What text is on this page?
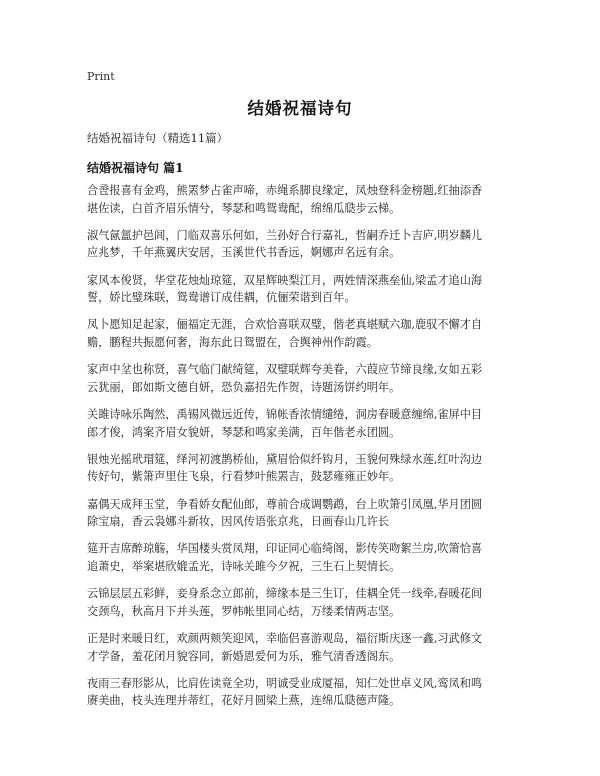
Print
结婚祝福诗句
结婚祝福诗句（精选11篇）
结婚祝福诗句 篇1

合卺报喜有金鸡，熊罴梦占雀声啼，赤绳系脚良缘定，凤烛登科金榜题,红抽添香
堪佐读，白首齐眉乐情兮，琴瑟和鸣鸳鸯配，绵绵瓜瓞步云梯。

淑气氤氲护邑闾，门临双喜乐何如，兰孙好合行嘉礼，哲嗣乔迁卜吉庐,明岁麟儿
应兆梦，千年燕翼庆安居，玉溪世代书香远，婀娜声名远有余。

家风本俊贤，华堂花烛灿琼筵，双星辉映梨江月，两姓情深燕垒仙,梁孟才追山海
誓，娇比璧珠联，鸳鸯谱订成佳耦，伉俪荣谐到百年。

凤卜愿知足起家，俪福定无涯，合欢恰喜联双璧，偕老真堪赋六珈,鹿驭不懈才自
赡，鹏程共振愿何奢，海东此日鸳盟在，合舆神州作韵霞。

家声中坌也称贤，喜气临门献绮筵，双璧联辉夸美眷，六葭应节缔良缘,女如五彩
云犹丽，郎如斯文德自妍，恐负嘉招先作贺，诗题汤饼约明年。

关雎诗咏乐陶然，禹锡风微远近传，锦帐香浓情缱绻，洞房春暖意缠绵,雀屏中目
郎才俊，鸿案齐眉女貌妍，琴瑟和鸣家美满，百年偕老永团圆。

银烛光摇玳瑁筵，绎河初渡鹊桥仙，黛眉恰似纤钩月，玉貌何殊绿水莲,红叶沟边
传好句，紫箫声里住飞泉，行看梦叶熊罴吉，鼓瑟雍雍正妙年。

嘉偶天成拜玉堂，争看娇女配仙郎，尊前合成调鹦鹉，台上吹箫引凤凰,华月团圆
除宝扇，香云袅娜斗新妆，因风传语张京兆，日画春山几许长

筵开吉席醉琼觞，华国楼头赏凤翔，印证同心临绮阁，影传笑吻絮兰房,吹箫恰喜
追萧史，举案堪欣媲孟光，诗咏关雎今夕祝，三生石上契情长。

云锦层层五彩鲜，妾身系念立郎前，缔缘本是三生订，佳耦全凭一线牵,春暖花间
交颈鸟，秋高月下并头莲，罗帏帐里同心结，万缕柔情两志坚。

正是时来暖日红，欢颜两颊笑迎风，幸临侣喜游观岛，福衍斯庆逐一鑫,习武修文
才学备，羞花闭月貌容同，新婚恩爱何为乐，雅气清香透阁东。

夜雨三春形影从，比肩佐读竟全功，明诚受业成厦福，知仁处世卓义风,鸾凤和鸣
赓美曲，枝头连理并蒂红，花好月圆梁上燕，连绵瓜瓞德声隆。
